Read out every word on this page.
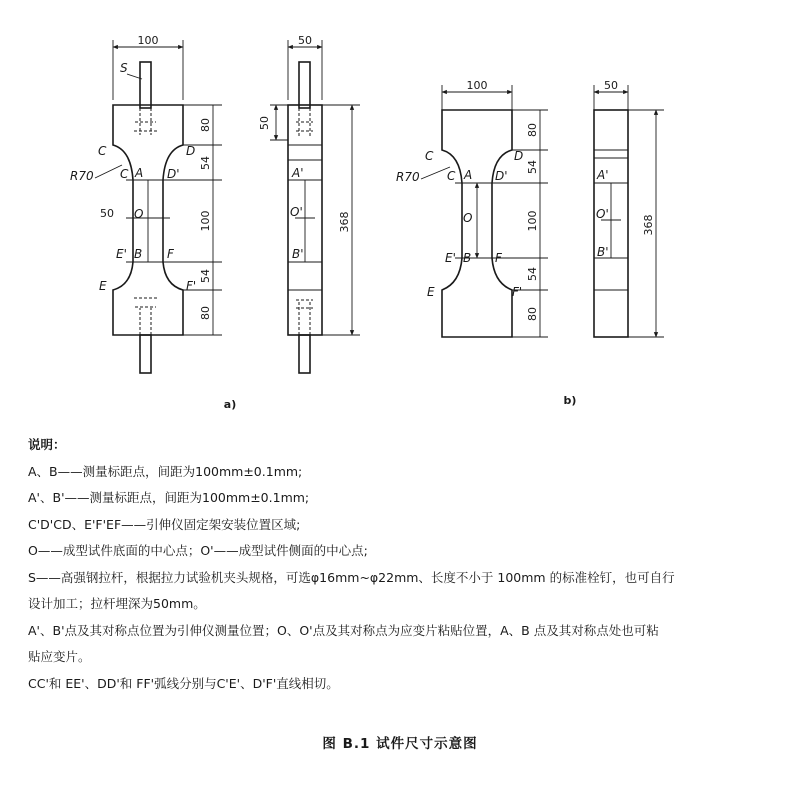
100
S
50
R70
C	D
C A D'
O
E' B F
E	F'
80
54
100
54
80
50
50
A'
O'
B'
368
a)
100
R70
C	D
C A D'
O
E' B F
E	F'
80
54
100
54
80
50
A'
O'
B'
368
b)

说明：

A、B——测量标距点，间距为100mm±0.1mm;

A'、B'——测量标距点，间距为100mm±0.1mm;

C'D'CD、E'F'EF——引伸仪固定架安装位置区域;

O——成型试件底面的中心点；O'——成型试件侧面的中心点;

S——高强钢拉杆，根据拉力试验机夹头规格，可选φ16mm~φ22mm、长度不小于 100mm 的标准栓钉，也可自行

设计加工；拉杆埋深为50mm。

A'、B'点及其对称点位置为引伸仪测量位置；O、O'点及其对称点为应变片粘贴位置，A、B 点及其对称点处也可粘

贴应变片。

CC'和 EE'、DD'和 FF'弧线分别与C'E'、D'F'直线相切。

图 B.1 试件尺寸示意图
